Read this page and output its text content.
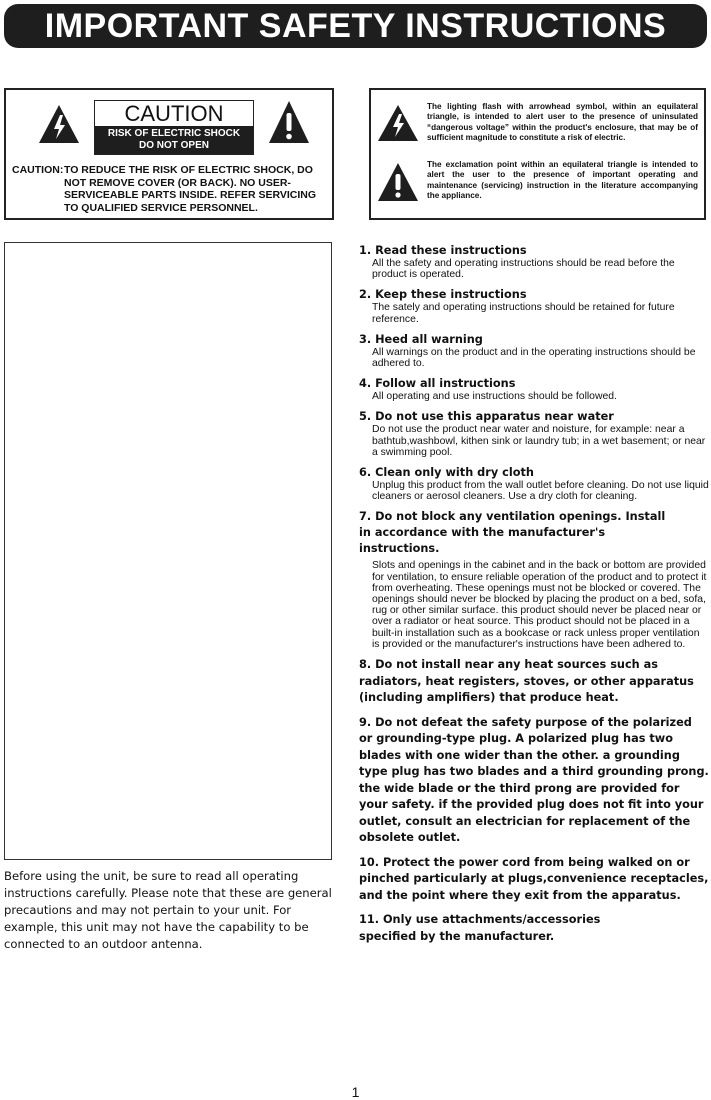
IMPORTANT SAFETY INSTRUCTIONS
CAUTION
RISK OF ELECTRIC SHOCK
DO NOT OPEN
CAUTION: TO REDUCE THE RISK OF ELECTRIC SHOCK, DO NOT REMOVE COVER (OR BACK). NO USER-SERVICEABLE PARTS INSIDE. REFER SERVICING TO QUALIFIED SERVICE PERSONNEL.
The lighting flash with arrowhead symbol, within an equilateral triangle, is intended to alert user to the presence of uninsulated “dangerous voltage” within the product's enclosure, that may be of sufficient magnitude to constitute a risk of electric.
The exclamation point within an equilateral triangle is intended to alert the user to the presence of important operating and maintenance (servicing) instruction in the literature accompanying the appliance.
Before using the unit, be sure to read all operating instructions carefully. Please note that these are general precautions and may not pertain to your unit. For example, this unit may not have the capability to be connected to an outdoor antenna.
1. Read these instructions
All the safety and operating instructions should be read before the product is operated.
2. Keep these instructions
The sately and operating instructions should be retained for future reference.
3. Heed all warning
All warnings on the product and in the operating instructions should be adhered to.
4. Follow all instructions
All operating and use instructions should be followed.
5. Do not use this apparatus near water
Do not use the product near water and noisture, for example: near a bathtub,washbowl, kithen sink or laundry tub; in a wet basement; or near a swimming pool.
6. Clean only with dry cloth
Unplug this product from the wall outlet before cleaning. Do not use liquid cleaners or aerosol cleaners. Use a dry cloth for cleaning.
7. Do not block any ventilation openings. Install in accordance with the manufacturer's instructions.
Slots and openings in the cabinet and in the back or bottom are provided for ventilation, to ensure reliable operation of the product and to protect it from overheating. These openings must not be blocked or covered. The openings should never be blocked by placing the product on a bed, sofa, rug or other similar surface. this product should never be placed near or over a radiator or heat source. This product should not be placed in a built-in installation such as a bookcase or rack unless proper ventilation is provided or the manufacturer's instructions have been adhered to.
8. Do not install near any heat sources such as radiators, heat registers, stoves, or other apparatus (including amplifiers) that produce heat.
9. Do not defeat the safety purpose of the polarized or grounding-type plug. A polarized plug has two blades with one wider than the other. a grounding type plug has two blades and a third grounding prong. the wide blade or the third prong are provided for your safety. if the provided plug does not fit into your outlet, consult an electrician for replacement of the obsolete outlet.
10. Protect the power cord from being walked on or pinched particularly at plugs,convenience receptacles, and the point where they exit from the apparatus.
11. Only use attachments/accessories specified by the manufacturer.
1
